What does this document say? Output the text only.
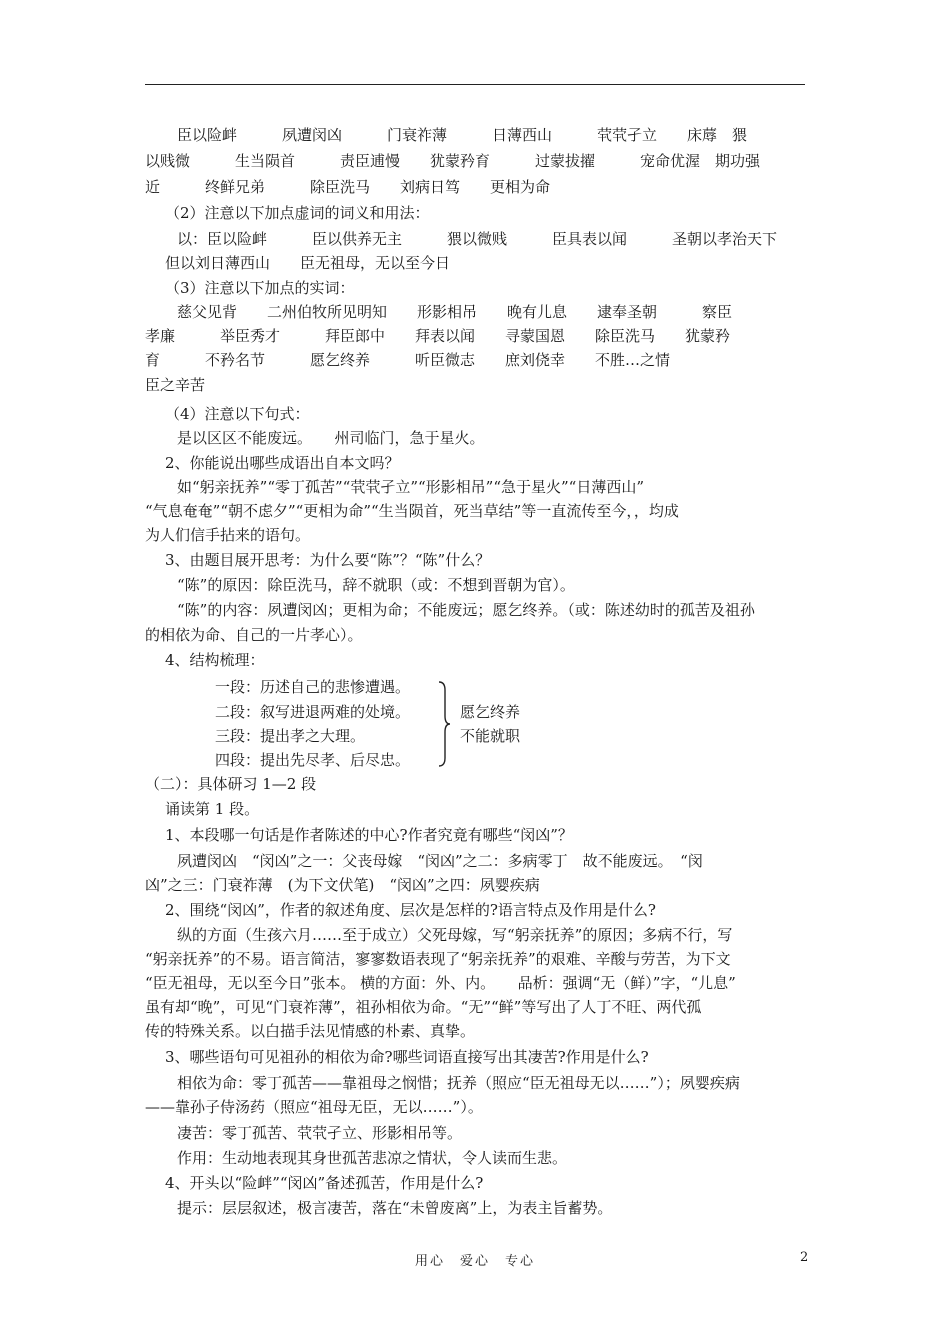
臣以险衅　　　夙遭闵凶　　　门衰祚薄　　　日薄西山　　　茕茕孑立　　床蓐　猥
以贱微　　　生当陨首　　　责臣逋慢　　犹蒙矜育　　　过蒙拔擢　　　宠命优渥　期功强
近　　　终鲜兄弟　　　除臣洗马　　刘病日笃　　更相为命
（2）注意以下加点虚词的词义和用法：
以：臣以险衅　　　臣以供养无主　　　猥以微贱　　　臣具表以闻　　　圣朝以孝治天下
但以刘日薄西山　　臣无祖母，无以至今日
（3）注意以下加点的实词：
慈父见背　　二州伯牧所见明知　　形影相吊　　晚有儿息　　逮奉圣朝　　　察臣
孝廉　　　举臣秀才　　　拜臣郎中　　拜表以闻　　寻蒙国恩　　除臣洗马　　犹蒙矜
育　　　不矜名节　　　愿乞终养　　　听臣微志　　庶刘侥幸　　不胜…之情
臣之辛苦
（4）注意以下句式：
是以区区不能废远。　　州司临门，急于星火。
2、你能说出哪些成语出自本文吗？
如“躬亲抚养”“零丁孤苦”“茕茕孑立”“形影相吊”“急于星火”“日薄西山”
“气息奄奄”“朝不虑夕”“更相为命”“生当陨首，死当草结”等一直流传至今，，均成
为人们信手拈来的语句。
3、由题目展开思考：为什么要“陈”？“陈”什么？
“陈”的原因：除臣洗马，辞不就职（或：不想到晋朝为官）。
“陈”的内容：夙遭闵凶；更相为命；不能废远；愿乞终养。（或：陈述幼时的孤苦及祖孙
的相依为命、自己的一片孝心）。
4、结构梳理：
一段：历述自己的悲惨遭遇。
二段：叙写进退两难的处境。
三段：提出孝之大理。
四段：提出先尽孝、后尽忠。
愿乞终养
不能就职
（二）：具体研习 1—2 段
诵读第 1 段。
1、本段哪一句话是作者陈述的中心?作者究竟有哪些“闵凶”？
夙遭闵凶　“闵凶”之一：父丧母嫁　“闵凶”之二：多病零丁　故不能废远。　“闵
凶”之三：门衰祚薄　(为下文伏笔)　“闵凶”之四：夙婴疾病
2、围绕“闵凶”，作者的叙述角度、层次是怎样的?语言特点及作用是什么?
纵的方面（生孩六月……至于成立）父死母嫁，写“躬亲抚养”的原因；多病不行，写
“躬亲抚养”的不易。语言简洁，寥寥数语表现了“躬亲抚养”的艰难、辛酸与劳苦，为下文
“臣无祖母，无以至今日”张本。 横的方面：外、内。　　品析：强调“无（鲜）”字，“儿息”
虽有却“晚”，可见“门衰祚薄”，祖孙相依为命。“无”“鲜”等写出了人丁不旺、两代孤
传的特殊关系。以白描手法见情感的朴素、真挚。
3、哪些语句可见祖孙的相依为命?哪些词语直接写出其凄苦?作用是什么?
相依为命：零丁孤苦——靠祖母之悯惜；抚养（照应“臣无祖母无以……”）；夙婴疾病
——靠孙子侍汤药（照应“祖母无臣，无以……”）。
凄苦：零丁孤苦、茕茕孑立、形影相吊等。
作用：生动地表现其身世孤苦悲凉之情状，令人读而生悲。
4、开头以“险衅”“闵凶”备述孤苦，作用是什么?
提示：层层叙述，极言凄苦，落在“未曾废离”上，为表主旨蓄势。
用心　爱心　专心	2
